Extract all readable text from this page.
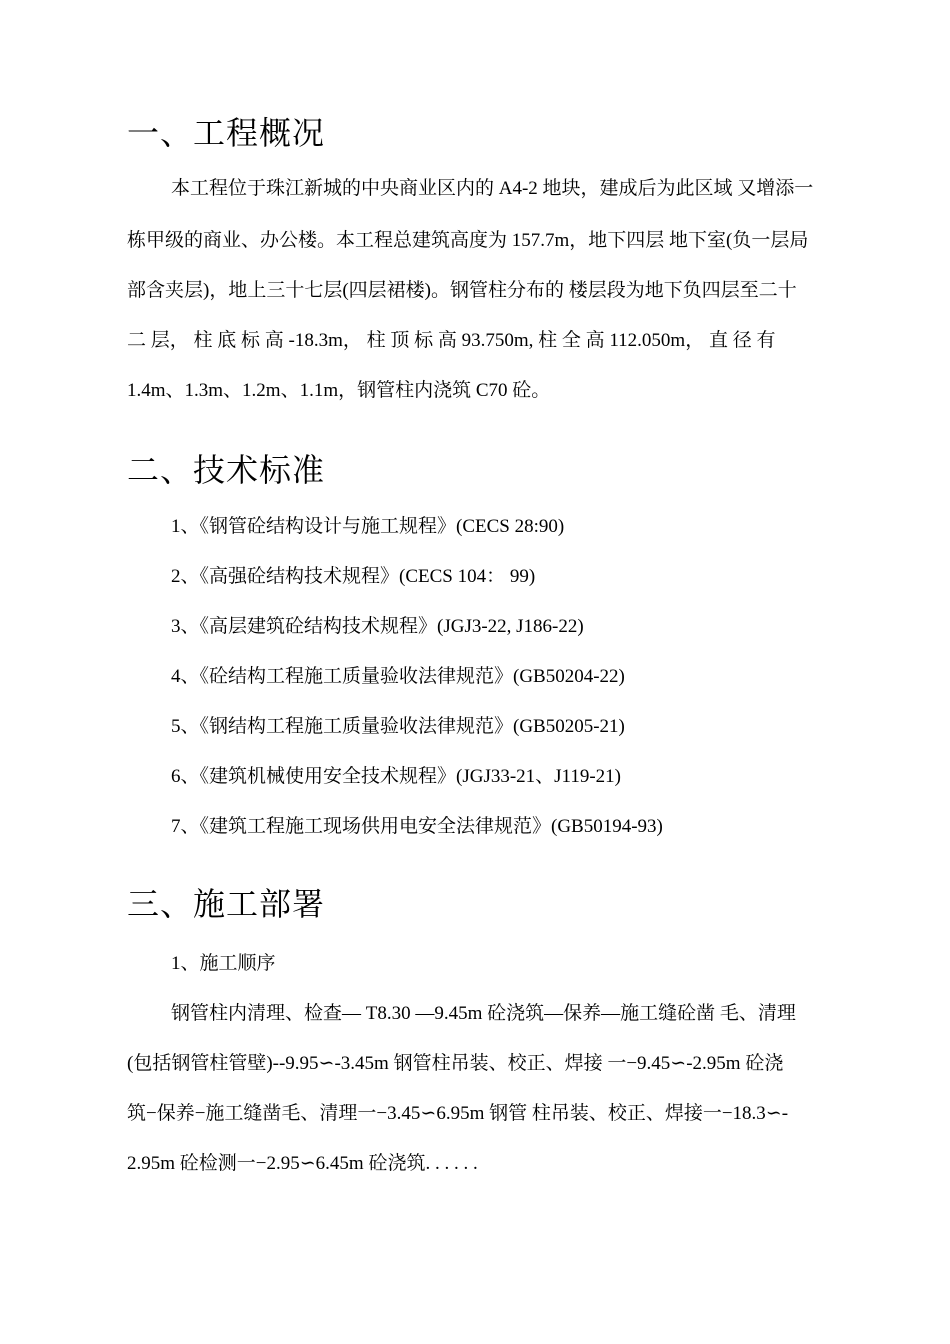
一、工程概况

本工程位于珠江新城的中央商业区内的 A4-2 地块，建成后为此区域 又增添一

栋甲级的商业、办公楼。本工程总建筑高度为 157.7m，地下四层 地下室(负一层局

部含夹层)，地上三十七层(四层裙楼)。钢管柱分布的 楼层段为地下负四层至二十

二 层， 柱 底 标 高 -18.3m， 柱 顶 标 高 93.750m, 柱 全 高 112.050m， 直 径 有

1.4m、1.3m、1.2m、1.1m，钢管柱内浇筑 C70 砼。

二、技术标准

1、《钢管砼结构设计与施工规程》(CECS 28:90)

2、《高强砼结构技术规程》(CECS 104： 99)

3、《高层建筑砼结构技术规程》(JGJ3-22, J186-22)

4、《砼结构工程施工质量验收法律规范》(GB50204-22)

5、《钢结构工程施工质量验收法律规范》(GB50205-21)

6、《建筑机械使用安全技术规程》(JGJ33-21、J119-21)

7、《建筑工程施工现场供用电安全法律规范》(GB50194-93)

三、施工部署

1、施工顺序

钢管柱内清理、检查— T8.30 —9.45m 砼浇筑—保养—施工缝砼凿 毛、清理

(包括钢管柱管壁)--9.95∽-3.45m 钢管柱吊装、校正、焊接 一−9.45∽-2.95m 砼浇

筑−保养−施工缝凿毛、清理一−3.45∽6.95m 钢管 柱吊装、校正、焊接一−18.3∽-

2.95m 砼检测一−2.95∽6.45m 砼浇筑. . . . . .
